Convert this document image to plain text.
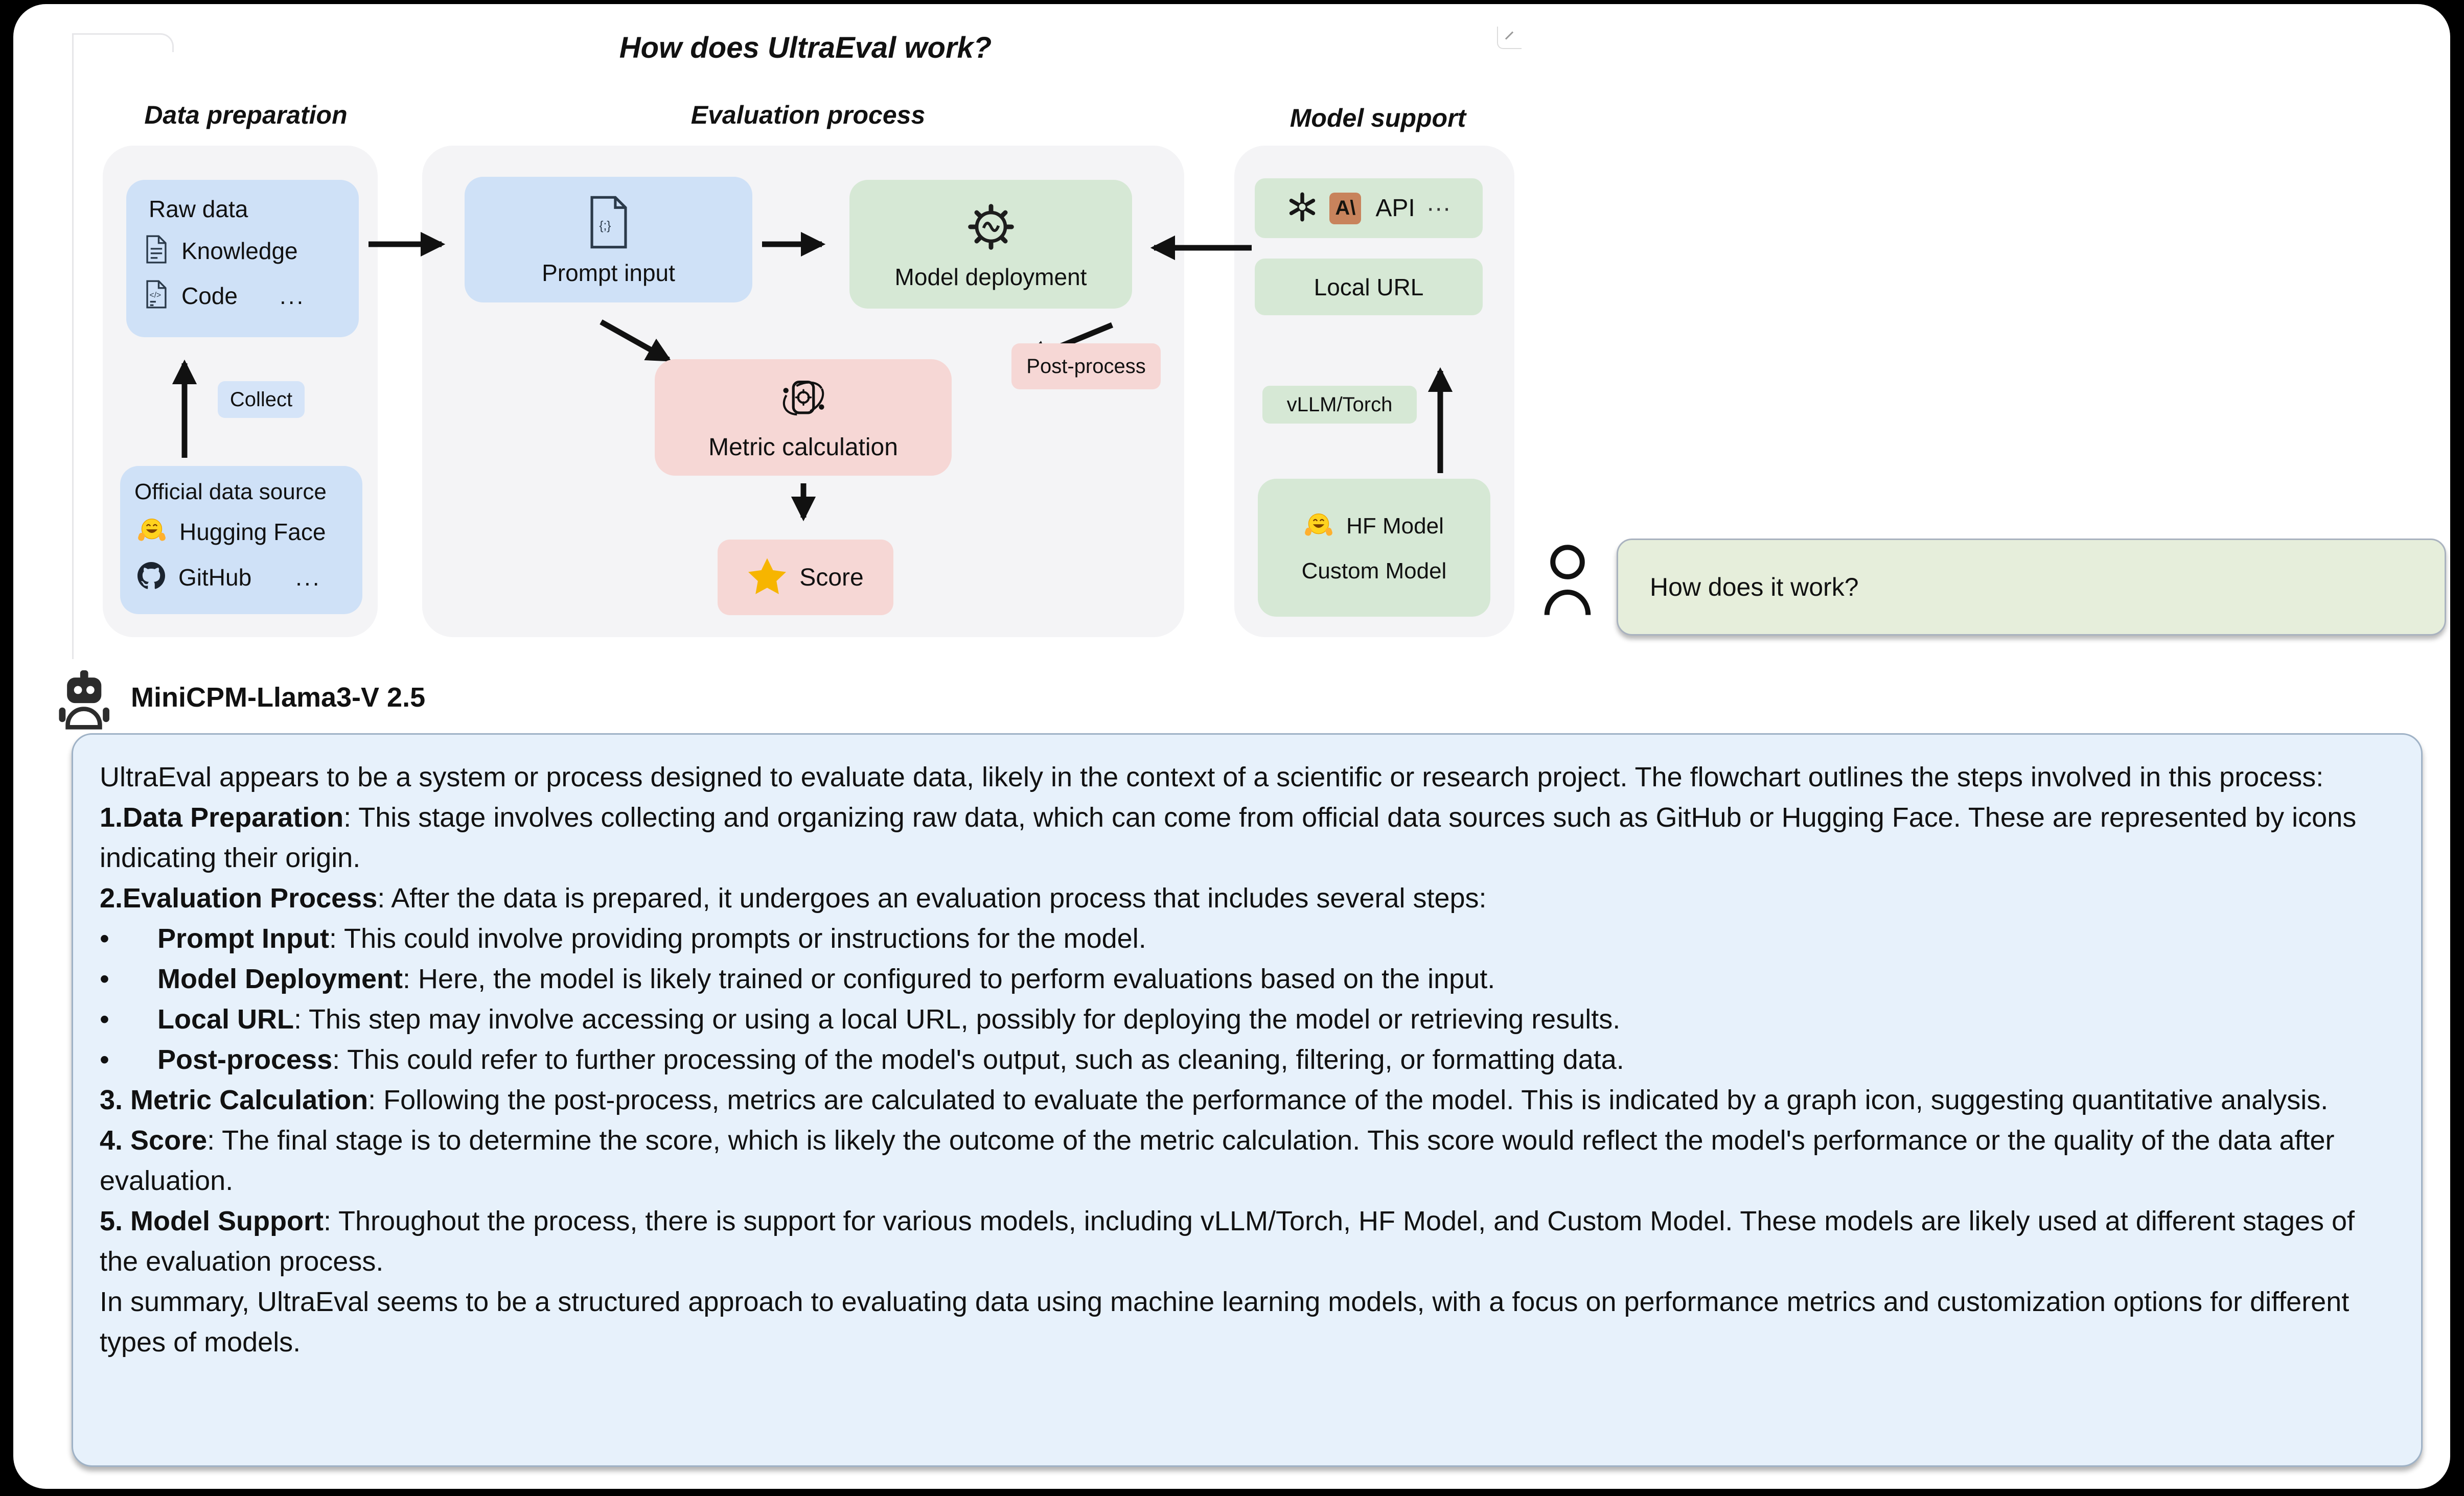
How does UltraEval work?
Data preparation	Evaluation process	Model support
Raw data
Knowledge
</> Code ...
Collect
Official data source
Hugging Face
GitHub ...
{;}
Prompt input	Model deployment
Post-process
Metric calculation
Score
A\ API ···
Local URL
vLLM/Torch
HF Model
Custom Model
How does it work?
MiniCPM-Llama3-V 2.5
UltraEval appears to be a system or process designed to evaluate data, likely in the context of a scientific or research project. The flowchart outlines the steps involved in this process:
1.Data Preparation: This stage involves collecting and organizing raw data, which can come from official data sources such as GitHub or Hugging Face. These are represented by icons indicating their origin.
2.Evaluation Process: After the data is prepared, it undergoes an evaluation process that includes several steps:
• Prompt Input: This could involve providing prompts or instructions for the model.
• Model Deployment: Here, the model is likely trained or configured to perform evaluations based on the input.
• Local URL: This step may involve accessing or using a local URL, possibly for deploying the model or retrieving results.
• Post-process: This could refer to further processing of the model's output, such as cleaning, filtering, or formatting data.
3. Metric Calculation: Following the post-process, metrics are calculated to evaluate the performance of the model. This is indicated by a graph icon, suggesting quantitative analysis.
4. Score: The final stage is to determine the score, which is likely the outcome of the metric calculation. This score would reflect the model's performance or the quality of the data after evaluation.
5. Model Support: Throughout the process, there is support for various models, including vLLM/Torch, HF Model, and Custom Model. These models are likely used at different stages of the evaluation process.
In summary, UltraEval seems to be a structured approach to evaluating data using machine learning models, with a focus on performance metrics and customization options for different types of models.
